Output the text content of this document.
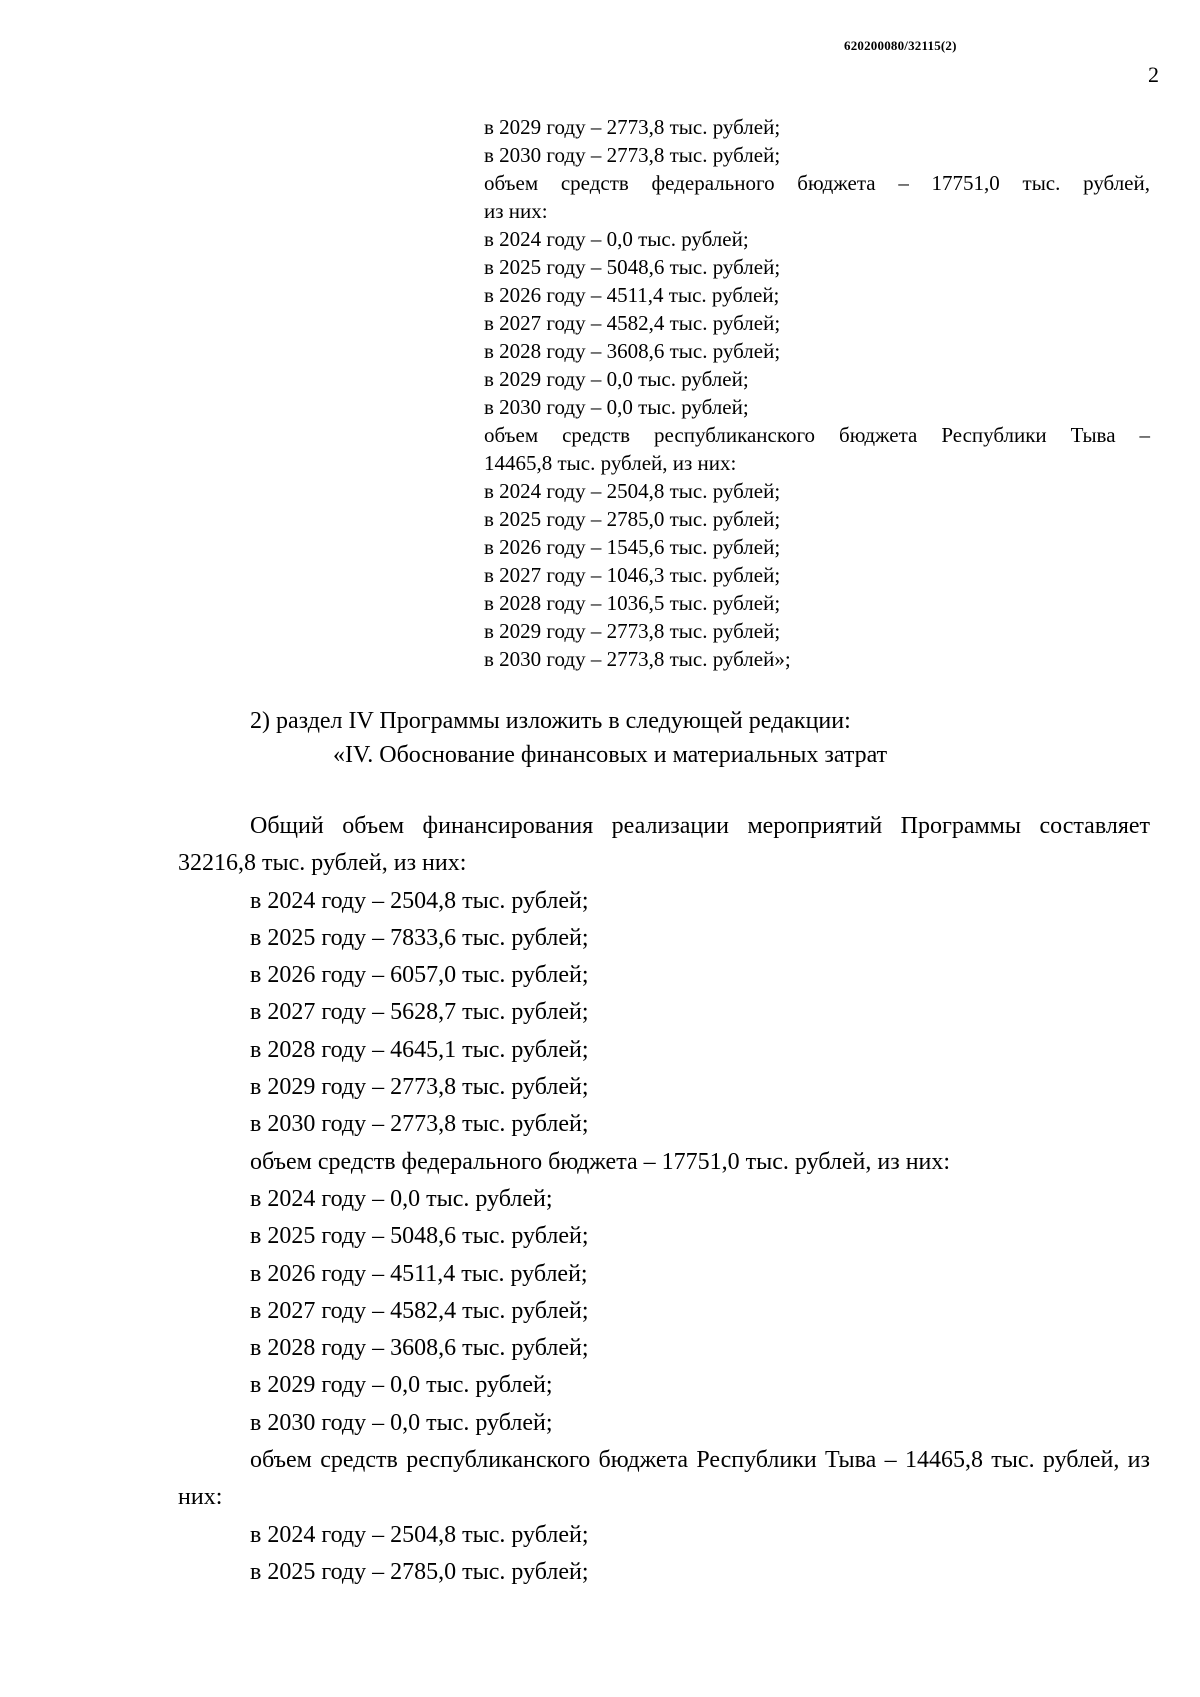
620200080/32115(2)
2
в 2029 году – 2773,8 тыс. рублей;
в 2030 году – 2773,8 тыс. рублей;
объем средств федерального бюджета – 17751,0 тыс. рублей,
из них:
в 2024 году – 0,0 тыс. рублей;
в 2025 году – 5048,6 тыс. рублей;
в 2026 году – 4511,4 тыс. рублей;
в 2027 году – 4582,4 тыс. рублей;
в 2028 году – 3608,6 тыс. рублей;
в 2029 году – 0,0 тыс. рублей;
в 2030 году – 0,0 тыс. рублей;
объем средств республиканского бюджета Республики Тыва –
14465,8 тыс. рублей, из них:
в 2024 году – 2504,8 тыс. рублей;
в 2025 году – 2785,0 тыс. рублей;
в 2026 году – 1545,6 тыс. рублей;
в 2027 году – 1046,3 тыс. рублей;
в 2028 году – 1036,5 тыс. рублей;
в 2029 году – 2773,8 тыс. рублей;
в 2030 году – 2773,8 тыс. рублей»;
2) раздел IV Программы изложить в следующей редакции:
«IV. Обоснование финансовых и материальных затрат
Общий объем финансирования реализации мероприятий Программы составляет 32216,8 тыс. рублей, из них:
в 2024 году – 2504,8 тыс. рублей;
в 2025 году – 7833,6 тыс. рублей;
в 2026 году – 6057,0 тыс. рублей;
в 2027 году – 5628,7 тыс. рублей;
в 2028 году – 4645,1 тыс. рублей;
в 2029 году – 2773,8 тыс. рублей;
в 2030 году – 2773,8 тыс. рублей;
объем средств федерального бюджета – 17751,0 тыс. рублей, из них:
в 2024 году – 0,0 тыс. рублей;
в 2025 году – 5048,6 тыс. рублей;
в 2026 году – 4511,4 тыс. рублей;
в 2027 году – 4582,4 тыс. рублей;
в 2028 году – 3608,6 тыс. рублей;
в 2029 году – 0,0 тыс. рублей;
в 2030 году – 0,0 тыс. рублей;
объем средств республиканского бюджета Республики Тыва – 14465,8 тыс. рублей, из них:
в 2024 году – 2504,8 тыс. рублей;
в 2025 году – 2785,0 тыс. рублей;
